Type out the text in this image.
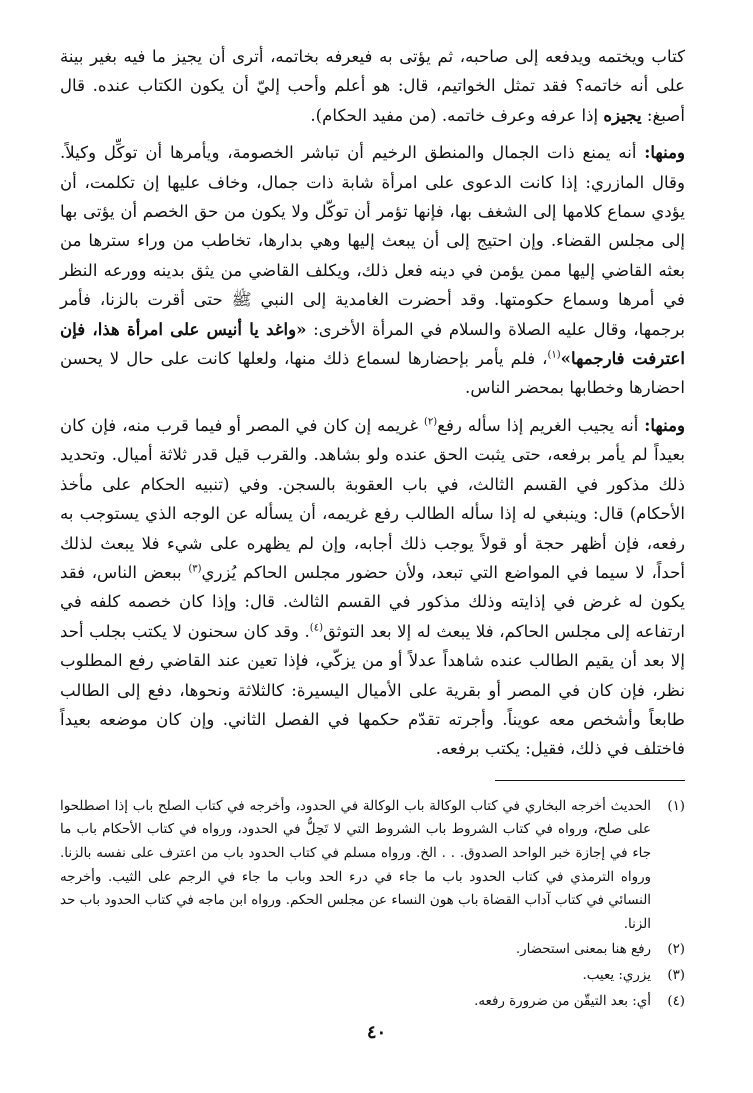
كتاب ويختمه ويدفعه إلى صاحبه، ثم يؤتى به فيعرفه بخاتمه، أترى أن يجيز ما فيه بغير بينة على أنه خاتمه؟ فقد تمثل الخواتيم، قال: هو أعلم وأحب إليّ أن يكون الكتاب عنده. قال أصبغ: يجيزه إذا عرفه وعرف خاتمه. (من مفيد الحكام).
ومنها: أنه يمنع ذات الجمال والمنطق الرخيم أن تباشر الخصومة، ويأمرها أن توكِّل وكيلاً. وقال المازري: إذا كانت الدعوى على امرأة شابة ذات جمال، وخاف عليها إن تكلمت، أن يؤدي سماع كلامها إلى الشغف بها، فإنها تؤمر أن توكّل ولا يكون من حق الخصم أن يؤتى بها إلى مجلس القضاء. وإن احتيج إلى أن يبعث إليها وهي بدارها، تخاطب من وراء سترها من بعثه القاضي إليها ممن يؤمن في دينه فعل ذلك، ويكلف القاضي من يثق بدينه وورعه النظر في أمرها وسماع حكومتها. وقد أحضرت الغامدية إلى النبي ﷺ حتى أقرت بالزنا، فأمر برجمها، وقال عليه الصلاة والسلام في المرأة الأخرى: «واغد يا أنيس على امرأة هذا، فإن اعترفت فارجمها»$^{(١)}$، فلم يأمر بإحضارها لسماع ذلك منها، ولعلها كانت على حال لا يحسن احضارها وخطابها بمحضر الناس.
ومنها: أنه يجيب الغريم إذا سأله رفع$^{(٢)}$ غريمه إن كان في المصر أو فيما قرب منه، فإن كان بعيداً لم يأمر برفعه، حتى يثبت الحق عنده ولو بشاهد. والقرب قيل قدر ثلاثة أميال. وتحديد ذلك مذكور في القسم الثالث، في باب العقوبة بالسجن. وفي (تنبيه الحكام على مأخذ الأحكام) قال: وينبغي له إذا سأله الطالب رفع غريمه، أن يسأله عن الوجه الذي يستوجب به رفعه، فإن أظهر حجة أو قولاً يوجب ذلك أجابه، وإن لم يظهره على شيء فلا يبعث لذلك أحداً، لا سيما في المواضع التي تبعد، ولأن حضور مجلس الحاكم يُزري$^{(٣)}$ ببعض الناس، فقد يكون له غرض في إذايته وذلك مذكور في القسم الثالث. قال: وإذا كان خصمه كلفه في ارتفاعه إلى مجلس الحاكم، فلا يبعث له إلا بعد التوثق$^{(٤)}$. وقد كان سحنون لا يكتب بجلب أحد إلا بعد أن يقيم الطالب عنده شاهداً عدلاً أو من يزكّي، فإذا تعين عند القاضي رفع المطلوب نظر، فإن كان في المصر أو بقرية على الأميال اليسيرة: كالثلاثة ونحوها، دفع إلى الطالب طابعاً وأشخص معه عويناً. وأجرته تقدّم حكمها في الفصل الثاني. وإن كان موضعه بعيداً فاختلف في ذلك، فقيل: يكتب برفعه.
(١)
الحديث أخرجه البخاري في كتاب الوكالة باب الوكالة في الحدود، وأخرجه في كتاب الصلح باب إذا اصطلحوا على صلح، ورواه في كتاب الشروط باب الشروط التي لا تَحِلُّ في الحدود، ورواه في كتاب الأحكام باب ما جاء في إجازة خبر الواحد الصدوق. . . الخ. ورواه مسلم في كتاب الحدود باب من اعترف على نفسه بالزنا. ورواه الترمذي في كتاب الحدود باب ما جاء في درء الحد وباب ما جاء في الرجم على الثيب. وأخرجه النسائي في كتاب آداب القضاة باب هون النساء عن مجلس الحكم. ورواه ابن ماجه في كتاب الحدود باب حد الزنا.
(٢)
رفع هنا بمعنى استحضار.
(٣)
يزري: يعيب.
(٤)
أي: بعد التيقّن من ضرورة رفعه.
٤٠
